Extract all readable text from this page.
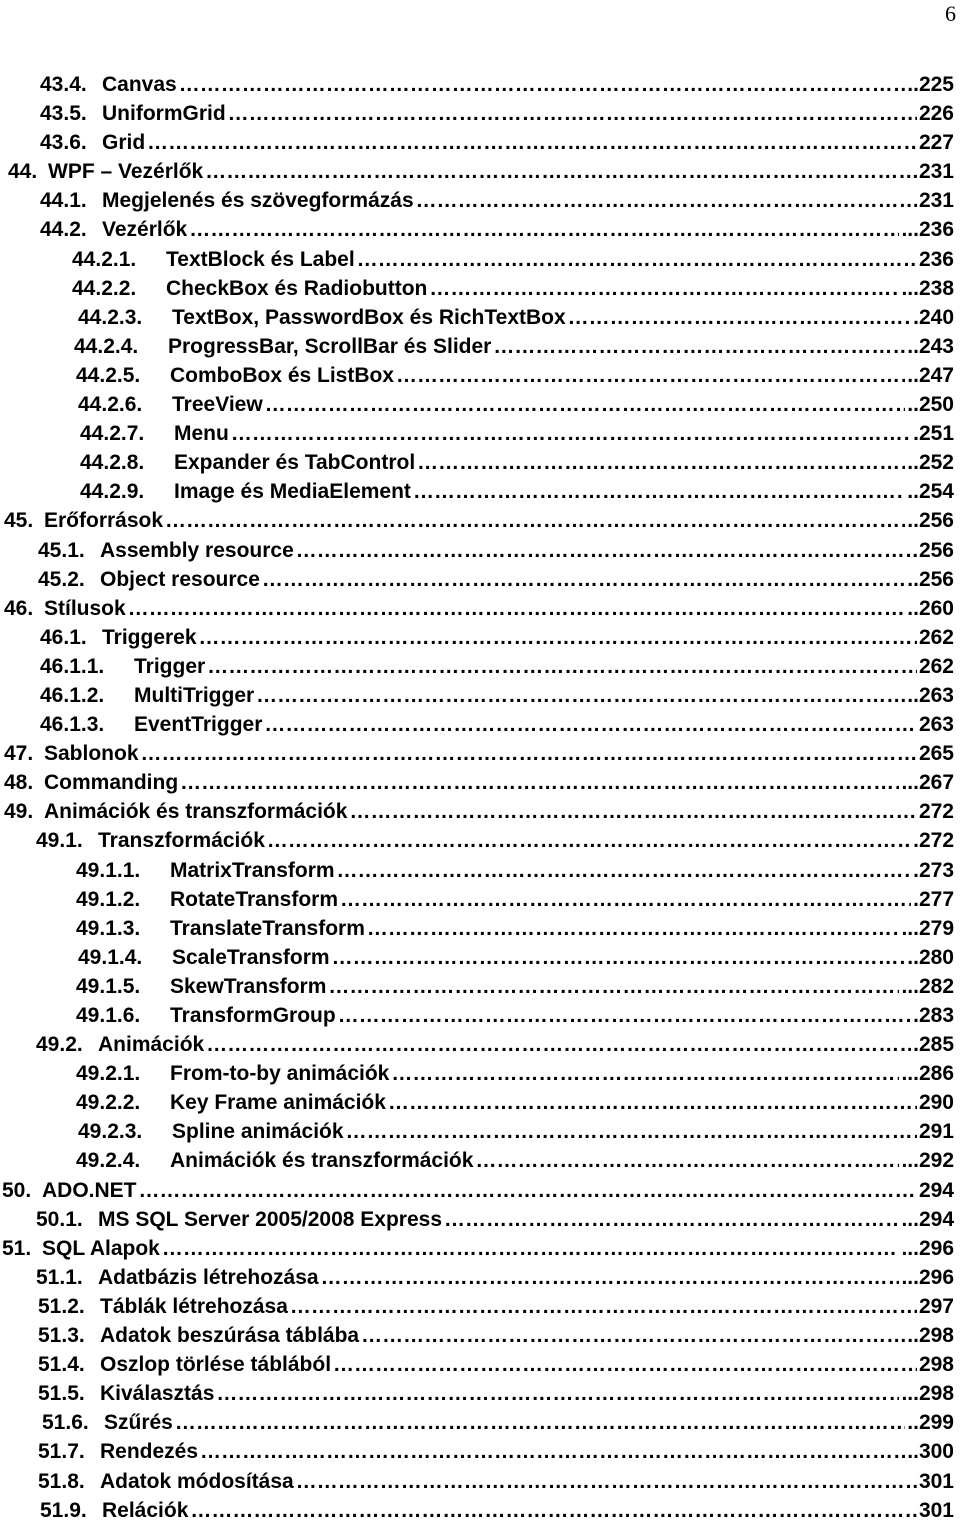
6
43.4. Canvas ………………………………………………………………………………………………………………………………………………………………………………………………………………	..225
43.5. UniformGrid ………………………………………………………………………………………………………………………………………………………………………………………………………………	226
43.6. Grid ………………………………………………………………………………………………………………………………………………………………………………………………………………	227
44. WPF – Vezérlők ………………………………………………………………………………………………………………………………………………………………………………………………………………	231
44.1. Megjelenés és szövegformázás ………………………………………………………………………………………………………………………………………………………………………………………………………………	231
44.2. Vezérlők ………………………………………………………………………………………………………………………………………………………………………………………………………………	...236
44.2.1. TextBlock és Label ………………………………………………………………………………………………………………………………………………………………………………………………………………	236
44.2.2. CheckBox és Radiobutton ………………………………………………………………………………………………………………………………………………………………………………………………………………	...238
44.2.3. TextBox, PasswordBox és RichTextBox ………………………………………………………………………………………………………………………………………………………………………………………………………………	.240
44.2.4. ProgressBar, ScrollBar és Slider ………………………………………………………………………………………………………………………………………………………………………………………………………………	..243
44.2.5. ComboBox és ListBox ………………………………………………………………………………………………………………………………………………………………………………………………………………	..247
44.2.6. TreeView ………………………………………………………………………………………………………………………………………………………………………………………………………………	..250
44.2.7. Menu ………………………………………………………………………………………………………………………………………………………………………………………………………………	.251
44.2.8. Expander és TabControl ………………………………………………………………………………………………………………………………………………………………………………………………………………	..252
44.2.9. Image és MediaElement ………………………………………………………………………………………………………………………………………………………………………………………………………………	..254
45. Erőforrások ………………………………………………………………………………………………………………………………………………………………………………………………………………	..256
45.1. Assembly resource ………………………………………………………………………………………………………………………………………………………………………………………………………………	256
45.2. Object resource ………………………………………………………………………………………………………………………………………………………………………………………………………………	..256
46. Stílusok ………………………………………………………………………………………………………………………………………………………………………………………………………………	..260
46.1. Triggerek ………………………………………………………………………………………………………………………………………………………………………………………………………………	262
46.1.1. Trigger ………………………………………………………………………………………………………………………………………………………………………………………………………………	262
46.1.2. MultiTrigger ………………………………………………………………………………………………………………………………………………………………………………………………………………	..263
46.1.3. EventTrigger ………………………………………………………………………………………………………………………………………………………………………………………………………………	263
47. Sablonok ………………………………………………………………………………………………………………………………………………………………………………………………………………	265
48. Commanding ………………………………………………………………………………………………………………………………………………………………………………………………………………	...267
49. Animációk és transzformációk ………………………………………………………………………………………………………………………………………………………………………………………………………………	272
49.1. Transzformációk ………………………………………………………………………………………………………………………………………………………………………………………………………………	.272
49.1.1. MatrixTransform ………………………………………………………………………………………………………………………………………………………………………………………………………………	.273
49.1.2. RotateTransform ………………………………………………………………………………………………………………………………………………………………………………………………………………	.277
49.1.3. TranslateTransform ………………………………………………………………………………………………………………………………………………………………………………………………………………	...279
49.1.4. ScaleTransform ………………………………………………………………………………………………………………………………………………………………………………………………………………	..280
49.1.5. SkewTransform ………………………………………………………………………………………………………………………………………………………………………………………………………………	...282
49.1.6. TransformGroup ………………………………………………………………………………………………………………………………………………………………………………………………………………	.283
49.2. Animációk ………………………………………………………………………………………………………………………………………………………………………………………………………………	.285
49.2.1. From-to-by animációk ………………………………………………………………………………………………………………………………………………………………………………………………………………	...286
49.2.2. Key Frame animációk ………………………………………………………………………………………………………………………………………………………………………………………………………………	290
49.2.3. Spline animációk ………………………………………………………………………………………………………………………………………………………………………………………………………………	291
49.2.4. Animációk és transzformációk ………………………………………………………………………………………………………………………………………………………………………………………………………………	...292
50. ADO.NET ………………………………………………………………………………………………………………………………………………………………………………………………………………	294
50.1. MS SQL Server 2005/2008 Express ………………………………………………………………………………………………………………………………………………………………………………………………………………	...294
51. SQL Alapok ………………………………………………………………………………………………………………………………………………………………………………………………………………	...296
51.1. Adatbázis létrehozása ………………………………………………………………………………………………………………………………………………………………………………………………………………	...296
51.2. Táblák létrehozása ………………………………………………………………………………………………………………………………………………………………………………………………………………	297
51.3. Adatok beszúrása táblába ………………………………………………………………………………………………………………………………………………………………………………………………………………	..298
51.4. Oszlop törlése táblából ………………………………………………………………………………………………………………………………………………………………………………………………………………	298
51.5. Kiválasztás ………………………………………………………………………………………………………………………………………………………………………………………………………………	...298
51.6. Szűrés ………………………………………………………………………………………………………………………………………………………………………………………………………………	..299
51.7. Rendezés ………………………………………………………………………………………………………………………………………………………………………………………………………………	..300
51.8. Adatok módosítása ………………………………………………………………………………………………………………………………………………………………………………………………………………	301
51.9. Relációk ………………………………………………………………………………………………………………………………………………………………………………………………………………	301
